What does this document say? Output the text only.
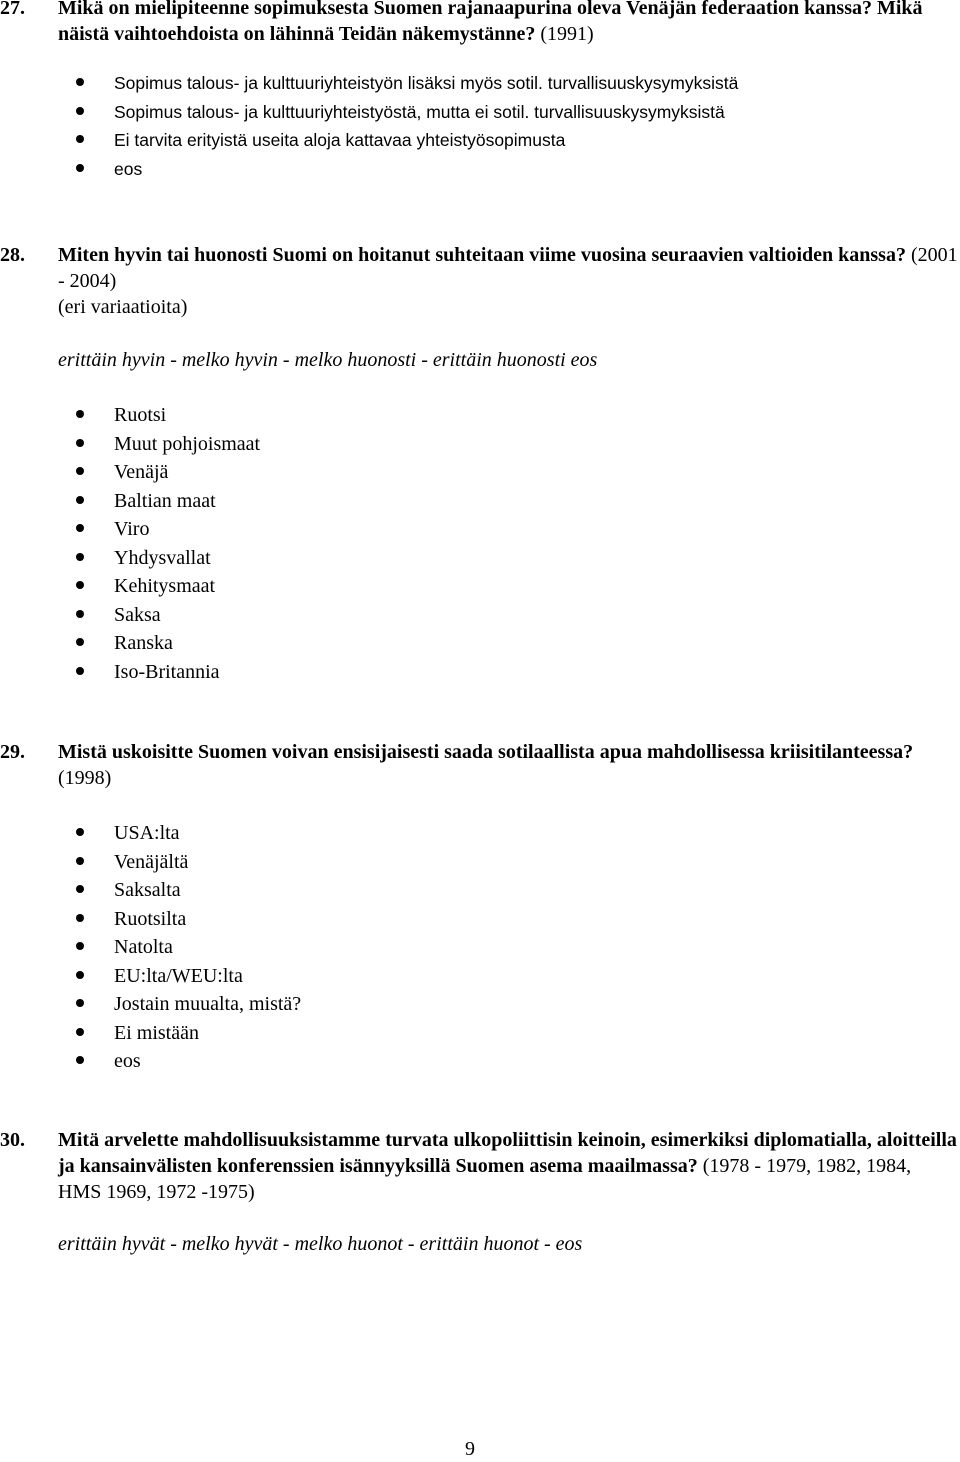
27.	Mikä on mielipiteenne sopimuksesta Suomen rajanaapurina oleva Venäjän federaation kanssa? Mikä näistä vaihtoehdoista on lähinnä Teidän näkemystänne? (1991)
Sopimus talous- ja kulttuuriyhteistyön lisäksi myös sotil. turvallisuuskysymyksistä
Sopimus talous- ja kulttuuriyhteistyöstä, mutta ei sotil. turvallisuuskysymyksistä
Ei tarvita erityistä useita aloja kattavaa yhteistyösopimusta
eos
28.	Miten hyvin tai huonosti Suomi on hoitanut suhteitaan viime vuosina seuraavien valtioiden kanssa? (2001 - 2004)
(eri variaatioita)
erittäin hyvin - melko hyvin - melko huonosti - erittäin huonosti eos
Ruotsi
Muut pohjoismaat
Venäjä
Baltian maat
Viro
Yhdysvallat
Kehitysmaat
Saksa
Ranska
Iso-Britannia
29.	Mistä uskoisitte Suomen voivan ensisijaisesti saada sotilaallista apua mahdollisessa kriisitilanteessa? (1998)
USA:lta
Venäjältä
Saksalta
Ruotsilta
Natolta
EU:lta/WEU:lta
Jostain muualta, mistä?
Ei mistään
eos
30.	Mitä arvelette mahdollisuuksistamme turvata ulkopoliittisin keinoin, esimerkiksi diplomatialla, aloitteilla ja kansainvälisten konferenssien isännyyksillä Suomen asema maailmassa? (1978 - 1979, 1982, 1984, HMS 1969, 1972 -1975)
erittäin hyvät - melko hyvät - melko huonot - erittäin huonot - eos
9
